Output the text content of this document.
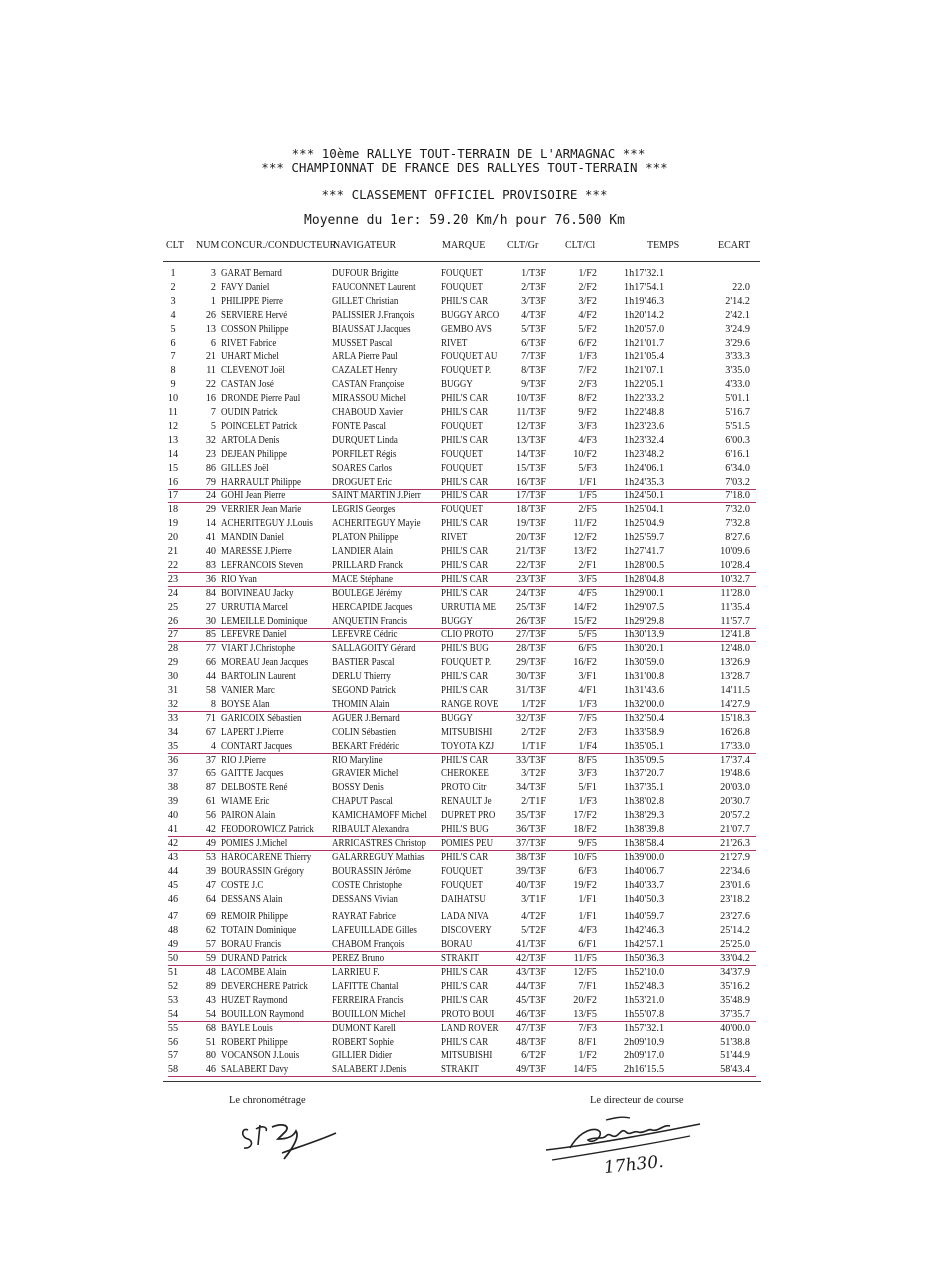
*** 10ème RALLYE TOUT-TERRAIN DE L'ARMAGNAC ***
*** CHAMPIONNAT DE FRANCE DES RALLYES TOUT-TERRAIN ***
*** CLASSEMENT OFFICIEL PROVISOIRE ***
Moyenne du 1er: 59.20 Km/h pour 76.500 Km
CLT NUM CONCUR./CONDUCTEUR
NAVIGATEUR	MARQUE CLT/Gr	CLT/Cl	TEMPS	ECART
1	3 GARAT Bernard	DUFOUR Brigitte	FOUQUET	1/T3F	1/F2	1h17'32.1
2	2 FAVY Daniel	FAUCONNET Laurent	FOUQUET	2/T3F	2/F2	1h17'54.1	22.0
3	1 PHILIPPE Pierre	GILLET Christian	PHIL'S CAR	3/T3F	3/F2	1h19'46.3	2'14.2
4	26 SERVIERE Hervé	PALISSIER J.François	BUGGY ARCO	4/T3F	4/F2	1h20'14.2	2'42.1
5	13 COSSON Philippe	BIAUSSAT J.Jacques	GEMBO AVS	5/T3F	5/F2	1h20'57.0	3'24.9
6	6 RIVET Fabrice	MUSSET Pascal	RIVET	6/T3F	6/F2	1h21'01.7	3'29.6
7	21 UHART Michel	ARLA Pierre Paul	FOUQUET AU	7/T3F	1/F3	1h21'05.4	3'33.3
8	11 CLEVENOT Joël	CAZALET Henry	FOUQUET P.	8/T3F	7/F2	1h21'07.1	3'35.0
9	22 CASTAN José	CASTAN Françoise	BUGGY	9/T3F	2/F3	1h22'05.1	4'33.0
10	16 DRONDE Pierre Paul	MIRASSOU Michel	PHIL'S CAR	10/T3F	8/F2	1h22'33.2	5'01.1
11	7 OUDIN Patrick	CHABOUD Xavier	PHIL'S CAR	11/T3F	9/F2	1h22'48.8	5'16.7
12	5 POINCELET Patrick	FONTE Pascal	FOUQUET	12/T3F	3/F3	1h23'23.6	5'51.5
13	32 ARTOLA Denis	DURQUET Linda	PHIL'S CAR	13/T3F	4/F3	1h23'32.4	6'00.3
14	23 DEJEAN Philippe	PORFILET Régis	FOUQUET	14/T3F	10/F2	1h23'48.2	6'16.1
15	86 GILLES Joël	SOARES Carlos	FOUQUET	15/T3F	5/F3	1h24'06.1	6'34.0
16	79 HARRAULT Philippe	DROGUET Eric	PHIL'S CAR	16/T3F	1/F1	1h24'35.3	7'03.2
17	24 GOHI Jean Pierre	SAINT MARTIN J.Pierr	PHIL'S CAR	17/T3F	1/F5	1h24'50.1	7'18.0
18	29 VERRIER Jean Marie	LEGRIS Georges	FOUQUET	18/T3F	2/F5	1h25'04.1	7'32.0
19	14 ACHERITEGUY J.Louis	ACHERITEGUY Mayie	PHIL'S CAR	19/T3F	11/F2	1h25'04.9	7'32.8
20	41 MANDIN Daniel	PLATON Philippe	RIVET	20/T3F	12/F2	1h25'59.7	8'27.6
21	40 MARESSE J.Pierre	LANDIER Alain	PHIL'S CAR	21/T3F	13/F2	1h27'41.7	10'09.6
22	83 LEFRANCOIS Steven	PRILLARD Franck	PHIL'S CAR	22/T3F	2/F1	1h28'00.5	10'28.4
23	36 RIO Yvan	MACE Stéphane	PHIL'S CAR	23/T3F	3/F5	1h28'04.8	10'32.7
24	84 BOIVINEAU Jacky	BOULEGE Jérémy	PHIL'S CAR	24/T3F	4/F5	1h29'00.1	11'28.0
25	27 URRUTIA Marcel	HERCAPIDE Jacques	URRUTIA ME	25/T3F	14/F2	1h29'07.5	11'35.4
26	30 LEMEILLE Dominique	ANQUETIN Francis	BUGGY	26/T3F	15/F2	1h29'29.8	11'57.7
27	85 LEFEVRE Daniel	LEFEVRE Cédric	CLIO PROTO	27/T3F	5/F5	1h30'13.9	12'41.8
28	77 VIART J.Christophe	SALLAGOITY Gérard	PHIL'S BUG	28/T3F	6/F5	1h30'20.1	12'48.0
29	66 MOREAU Jean Jacques	BASTIER Pascal	FOUQUET P.	29/T3F	16/F2	1h30'59.0	13'26.9
30	44 BARTOLIN Laurent	DERLU Thierry	PHIL'S CAR	30/T3F	3/F1	1h31'00.8	13'28.7
31	58 VANIER Marc	SEGOND Patrick	PHIL'S CAR	31/T3F	4/F1	1h31'43.6	14'11.5
32	8 BOYSE Alan	THOMIN Alain	RANGE ROVE	1/T2F	1/F3	1h32'00.0	14'27.9
33	71 GARICOIX Sébastien	AGUER J.Bernard	BUGGY	32/T3F	7/F5	1h32'50.4	15'18.3
34	67 LAPERT J.Pierre	COLIN Sébastien	MITSUBISHI	2/T2F	2/F3	1h33'58.9	16'26.8
35	4 CONTART Jacques	BEKART Frédéric	TOYOTA KZJ	1/T1F	1/F4	1h35'05.1	17'33.0
36	37 RIO J.Pierre	RIO Maryline	PHIL'S CAR	33/T3F	8/F5	1h35'09.5	17'37.4
37	65 GAITTE Jacques	GRAVIER Michel	CHEROKEE	3/T2F	3/F3	1h37'20.7	19'48.6
38	87 DELBOSTE René	BOSSY Denis	PROTO Citr	34/T3F	5/F1	1h37'35.1	20'03.0
39	61 WIAME Eric	CHAPUT Pascal	RENAULT Je	2/T1F	1/F3	1h38'02.8	20'30.7
40	56 PAIRON Alain	KAMICHAMOFF Michel	DUPRET PRO	35/T3F	17/F2	1h38'29.3	20'57.2
41	42 FEODOROWICZ Patrick	RIBAULT Alexandra	PHIL'S BUG	36/T3F	18/F2	1h38'39.8	21'07.7
42	49 POMIES J.Michel	ARRICASTRES Christop	POMIES PEU	37/T3F	9/F5	1h38'58.4	21'26.3
43	53 HAROCARENE Thierry	GALARREGUY Mathias	PHIL'S CAR	38/T3F	10/F5	1h39'00.0	21'27.9
44	39 BOURASSIN Grégory	BOURASSIN Jérôme	FOUQUET	39/T3F	6/F3	1h40'06.7	22'34.6
45	47 COSTE J.C	COSTE Christophe	FOUQUET	40/T3F	19/F2	1h40'33.7	23'01.6
46	64 DESSANS Alain	DESSANS Vivian	DAIHATSU	3/T1F	1/F1	1h40'50.3	23'18.2
47	69 REMOIR Philippe	RAYRAT Fabrice	LADA NIVA	4/T2F	1/F1	1h40'59.7	23'27.6
48	62 TOTAIN Dominique	LAFEUILLADE Gilles	DISCOVERY	5/T2F	4/F3	1h42'46.3	25'14.2
49	57 BORAU Francis	CHABOM François	BORAU	41/T3F	6/F1	1h42'57.1	25'25.0
50	59 DURAND Patrick	PEREZ Bruno	STRAKIT	42/T3F	11/F5	1h50'36.3	33'04.2
51	48 LACOMBE Alain	LARRIEU F.	PHIL'S CAR	43/T3F	12/F5	1h52'10.0	34'37.9
52	89 DEVERCHERE Patrick	LAFITTE Chantal	PHIL'S CAR	44/T3F	7/F1	1h52'48.3	35'16.2
53	43 HUZET Raymond	FERREIRA Francis	PHIL'S CAR	45/T3F	20/F2	1h53'21.0	35'48.9
54	54 BOUILLON Raymond	BOUILLON Michel	PROTO BOUI	46/T3F	13/F5	1h55'07.8	37'35.7
55	68 BAYLE Louis	DUMONT Karell	LAND ROVER	47/T3F	7/F3	1h57'32.1	40'00.0
56	51 ROBERT Philippe	ROBERT Sophie	PHIL'S CAR	48/T3F	8/F1	2h09'10.9	51'38.8
57	80 VOCANSON J.Louis	GILLIER Didier	MITSUBISHI	6/T2F	1/F2	2h09'17.0	51'44.9
58	46 SALABERT Davy	SALABERT J.Denis	STRAKIT	49/T3F	14/F5	2h16'15.5	58'43.4
Le chronométrage	Le directeur de course
17h30.
